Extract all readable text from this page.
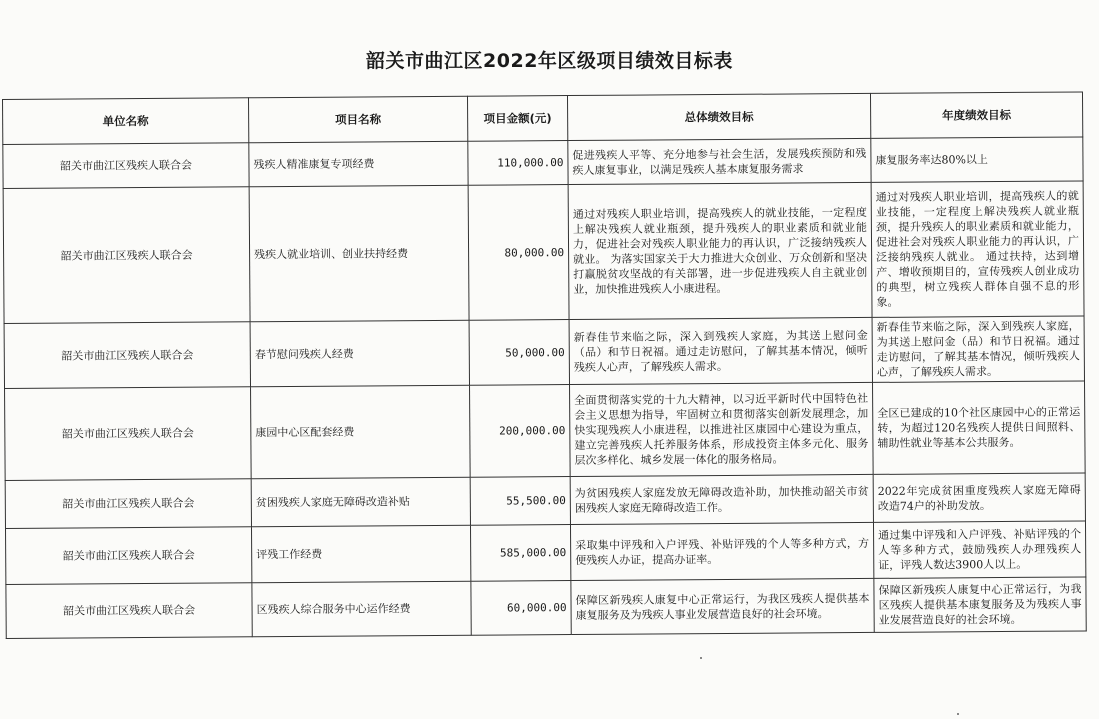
韶关市曲江区2022年区级项目绩效目标表
单位名称	项目名称	项目金额(元)	总体绩效目标	年度绩效目标
韶关市曲江区残疾人联合会	残疾人精准康复专项经费	110,000.00	促进残疾人平等、充分地参与社会生活，发展残疾预防和残疾人康复事业，以满足残疾人基本康复服务需求	康复服务率达80%以上
韶关市曲江区残疾人联合会	残疾人就业培训、创业扶持经费	80,000.00	通过对残疾人职业培训，提高残疾人的就业技能，一定程度上解决残疾人就业瓶颈，提升残疾人的职业素质和就业能力，促进社会对残疾人职业能力的再认识，广泛接纳残疾人就业。 为落实国家关于大力推进大众创业、万众创新和坚决打赢脱贫攻坚战的有关部署，进一步促进残疾人自主就业创业，加快推进残疾人小康进程。	通过对残疾人职业培训，提高残疾人的就业技能，一定程度上解决残疾人就业瓶颈，提升残疾人的职业素质和就业能力，促进社会对残疾人职业能力的再认识，广泛接纳残疾人就业。 通过扶持，达到增产、增收预期目的，宣传残疾人创业成功的典型，树立残疾人群体自强不息的形象。
韶关市曲江区残疾人联合会	春节慰问残疾人经费	50,000.00	新春佳节来临之际，深入到残疾人家庭，为其送上慰问金（品）和节日祝福。通过走访慰问，了解其基本情况，倾听残疾人心声，了解残疾人需求。	新春佳节来临之际，深入到残疾人家庭，为其送上慰问金（品）和节日祝福。通过走访慰问，了解其基本情况，倾听残疾人心声，了解残疾人需求。
韶关市曲江区残疾人联合会	康园中心区配套经费	200,000.00	全面贯彻落实党的十九大精神，以习近平新时代中国特色社会主义思想为指导，牢固树立和贯彻落实创新发展理念，加快实现残疾人小康进程，以推进社区康园中心建设为重点，建立完善残疾人托养服务体系，形成投资主体多元化、服务层次多样化、城乡发展一体化的服务格局。	全区已建成的10个社区康园中心的正常运转，为超过120名残疾人提供日间照料、辅助性就业等基本公共服务。
韶关市曲江区残疾人联合会	贫困残疾人家庭无障碍改造补贴	55,500.00	为贫困残疾人家庭发放无障碍改造补助，加快推动韶关市贫困残疾人家庭无障碍改造工作。	2022年完成贫困重度残疾人家庭无障碍改造74户的补助发放。
韶关市曲江区残疾人联合会	评残工作经费	585,000.00	采取集中评残和入户评残、补贴评残的个人等多种方式，方便残疾人办证，提高办证率。	通过集中评残和入户评残、补贴评残的个人等多种方式，鼓励残疾人办理残疾人证，评残人数达3900人以上。
韶关市曲江区残疾人联合会	区残疾人综合服务中心运作经费	60,000.00	保障区新残疾人康复中心正常运行，为我区残疾人提供基本康复服务及为残疾人事业发展营造良好的社会环境。	保障区新残疾人康复中心正常运行，为我区残疾人提供基本康复服务及为残疾人事业发展营造良好的社会环境。
